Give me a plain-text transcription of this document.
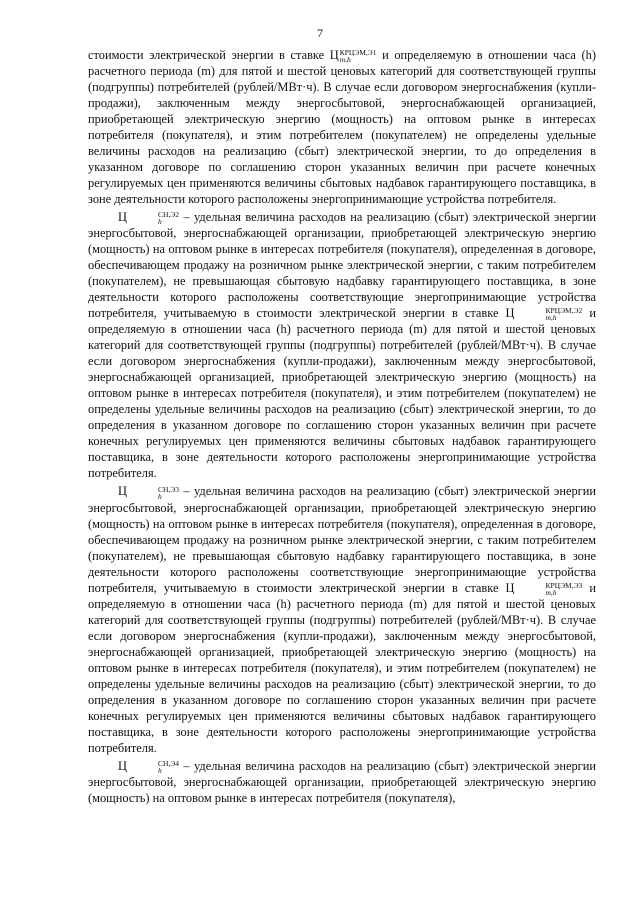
7

стоимости электрической энергии в ставке Ц КРЦЭМ,Э1
m,h	и определяемую в отношении часа (h) расчетного периода (m) для пятой и шестой ценовых категорий для соответствующей группы (подгруппы) потребителей (рублей/МВт·ч). В случае если договором энергоснабжения (купли-продажи), заключенным между энергосбытовой, энергоснабжающей организацией, приобретающей электрическую энергию (мощность) на оптовом рынке в интересах потребителя (покупателя), и этим потребителем (покупателем) не определены удельные величины расходов на реализацию (сбыт) электрической энергии, то до определения в указанном договоре по соглашению сторон указанных величин при расчете конечных регулируемых цен применяются величины сбытовых надбавок гарантирующего поставщика, в зоне деятельности которого расположены энергопринимающие устройства потребителя.

Ц	СН,Э2
h	– удельная величина расходов на реализацию (сбыт) электрической энергии энергосбытовой, энергоснабжающей организации, приобретающей электрическую энергию (мощность) на оптовом рынке в интересах потребителя (покупателя), определенная в договоре, обеспечивающем продажу на розничном рынке электрической энергии, с таким потребителем (покупателем), не превышающая сбытовую надбавку гарантирующего поставщика, в зоне деятельности которого расположены соответствующие энергопринимающие устройства потребителя, учитываемую в стоимости электрической энергии в ставке Ц	КРЦЭМ,Э2
m,h	и определяемую в отношении часа (h) расчетного периода (m) для пятой и шестой ценовых категорий для соответствующей группы (подгруппы) потребителей (рублей/МВт·ч). В случае если договором энергоснабжения (купли-продажи), заключенным между энергосбытовой, энергоснабжающей организацией, приобретающей электрическую энергию (мощность) на оптовом рынке в интересах потребителя (покупателя), и этим потребителем (покупателем) не определены удельные величины расходов на реализацию (сбыт) электрической энергии, то до определения в указанном договоре по соглашению сторон указанных величин при расчете конечных регулируемых цен применяются величины сбытовых надбавок гарантирующего поставщика, в зоне деятельности которого расположены энергопринимающие устройства потребителя.

Ц	СН,Э3
h	– удельная величина расходов на реализацию (сбыт) электрической энергии энергосбытовой, энергоснабжающей организации, приобретающей электрическую энергию (мощность) на оптовом рынке в интересах потребителя (покупателя), определенная в договоре, обеспечивающем продажу на розничном рынке электрической энергии, с таким потребителем (покупателем), не превышающая сбытовую надбавку гарантирующего поставщика, в зоне деятельности которого расположены соответствующие энергопринимающие устройства потребителя, учитываемую в стоимости электрической энергии в ставке Ц	КРЦЭМ,Э3
m,h	и определяемую в отношении часа (h) расчетного периода (m) для пятой и шестой ценовых категорий для соответствующей группы (подгруппы) потребителей (рублей/МВт·ч). В случае если договором энергоснабжения (купли-продажи), заключенным между энергосбытовой, энергоснабжающей организацией, приобретающей электрическую энергию (мощность) на оптовом рынке в интересах потребителя (покупателя), и этим потребителем (покупателем) не определены удельные величины расходов на реализацию (сбыт) электрической энергии, то до определения в указанном договоре по соглашению сторон указанных величин при расчете конечных регулируемых цен применяются величины сбытовых надбавок гарантирующего поставщика, в зоне деятельности которого расположены энергопринимающие устройства потребителя.

Ц	СН,Э4
h	– удельная величина расходов на реализацию (сбыт) электрической энергии энергосбытовой, энергоснабжающей организации, приобретающей электрическую энергию (мощность) на оптовом рынке в интересах потребителя (покупателя),
